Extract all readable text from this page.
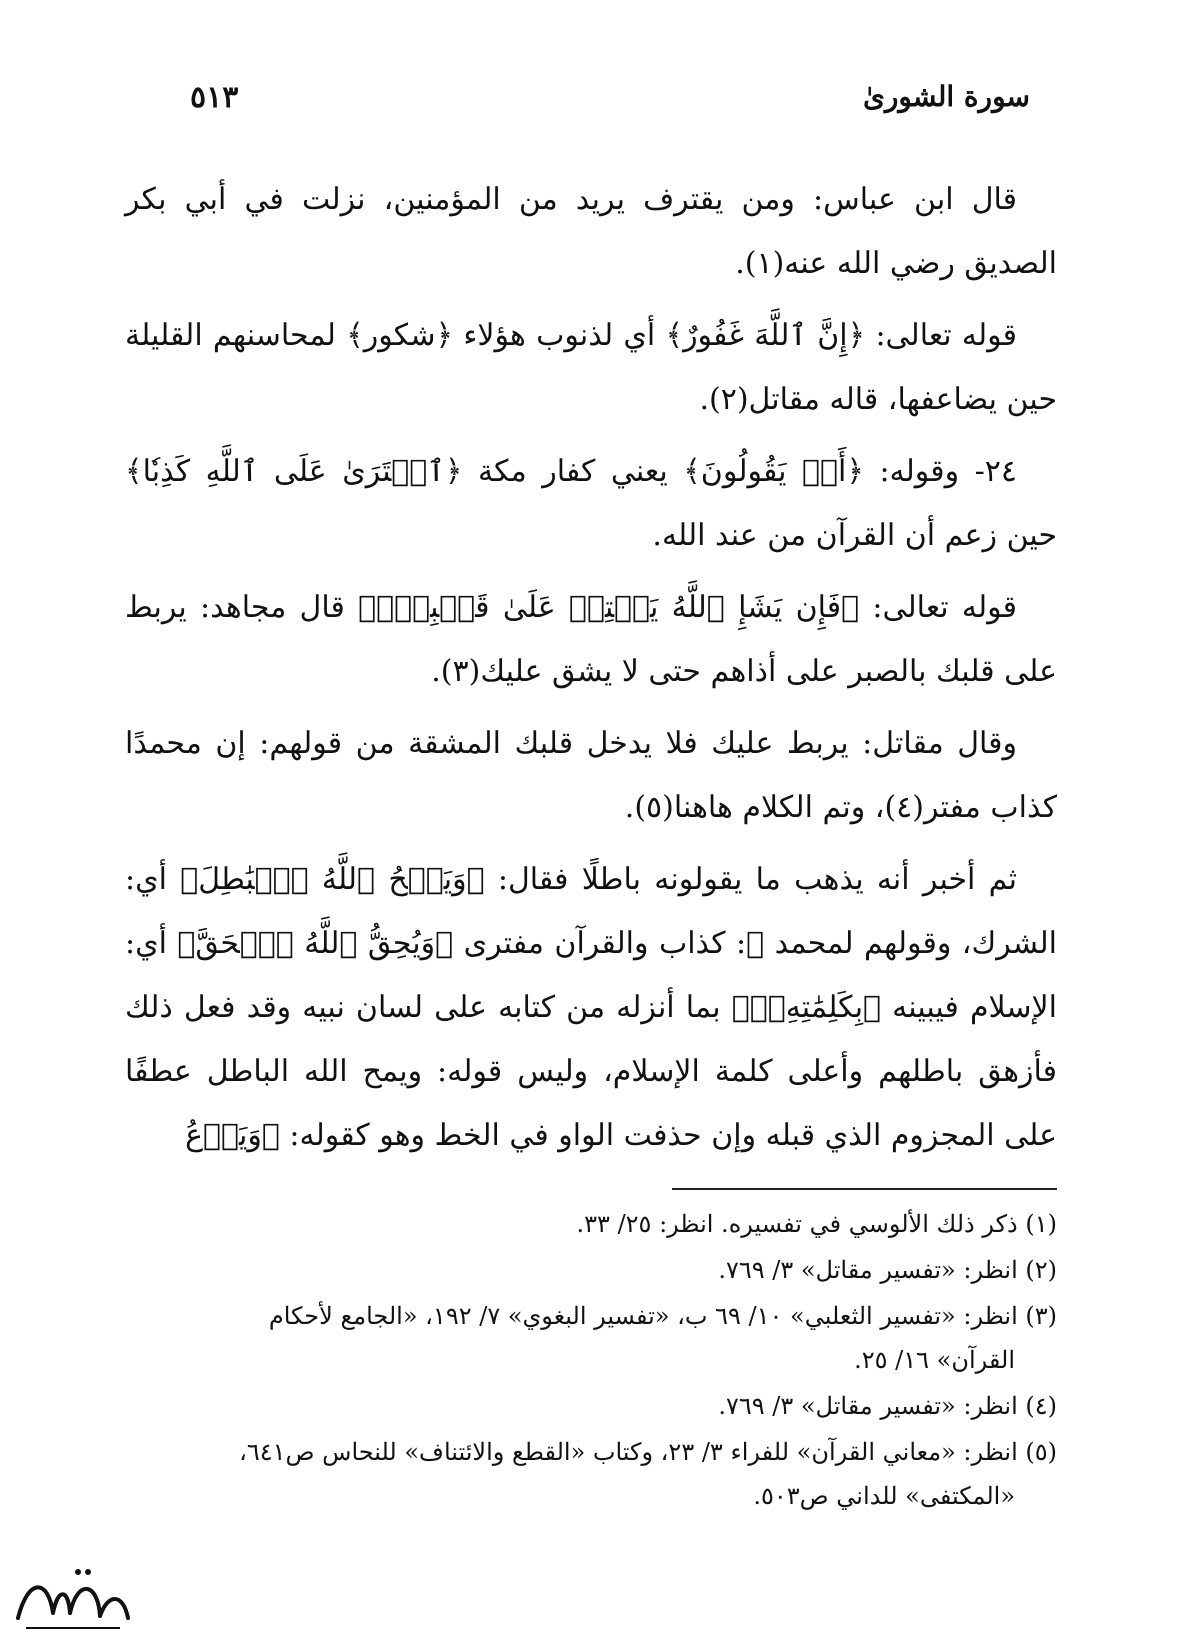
سورة الشورىٰ
٥١٣

قال ابن عباس: ومن يقترف يريد من المؤمنين، نزلت في أبي بكر الصديق رضي الله عنه(١).

قوله تعالى: ﴿إِنَّ ٱللَّهَ غَفُورٌ﴾ أي لذنوب هؤلاء ﴿شكور﴾ لمحاسنهم القليلة حين يضاعفها، قاله مقاتل(٢).

٢٤- وقوله: ﴿أَمۡ يَقُولُونَ﴾ يعني كفار مكة ﴿ٱفۡتَرَىٰ عَلَى ٱللَّهِ كَذِبٗا﴾ حين زعم أن القرآن من عند الله.

قوله تعالى: ﴿فَإِن يَشَإِ ٱللَّهُ يَخۡتِمۡ عَلَىٰ قَلۡبِكَۗ﴾ قال مجاهد: يربط على قلبك بالصبر على أذاهم حتى لا يشق عليك(٣).

وقال مقاتل: يربط عليك فلا يدخل قلبك المشقة من قولهم: إن محمدًا كذاب مفتر(٤)، وتم الكلام هاهنا(٥).

ثم أخبر أنه يذهب ما يقولونه باطلًا فقال: ﴿وَيَمۡحُ ٱللَّهُ ٱلۡبَٰطِلَ﴾ أي: الشرك، وقولهم لمحمد ﷺ: كذاب والقرآن مفترى ﴿وَيُحِقُّ ٱللَّهُ ٱلۡحَقَّ﴾ أي: الإسلام فيبينه ﴿بِكَلِمَٰتِهِۦٓ﴾ بما أنزله من كتابه على لسان نبيه وقد فعل ذلك فأزهق باطلهم وأعلى كلمة الإسلام، وليس قوله: ويمح الله الباطل عطفًا على المجزوم الذي قبله وإن حذفت الواو في الخط وهو كقوله: ﴿وَيَدۡعُ

(١) ذكر ذلك الألوسي في تفسيره. انظر: ٢٥/ ٣٣.
(٢) انظر: «تفسير مقاتل» ٣/ ٧٦٩.
(٣) انظر: «تفسير الثعلبي» ١٠/ ٦٩ ب، «تفسير البغوي» ٧/ ١٩٢، «الجامع لأحكام
القرآن» ١٦/ ٢٥.
(٤) انظر: «تفسير مقاتل» ٣/ ٧٦٩.
(٥) انظر: «معاني القرآن» للفراء ٣/ ٢٣، وكتاب «القطع والائتناف» للنحاس ص٦٤١،
«المكتفى» للداني ص٥٠٣.
